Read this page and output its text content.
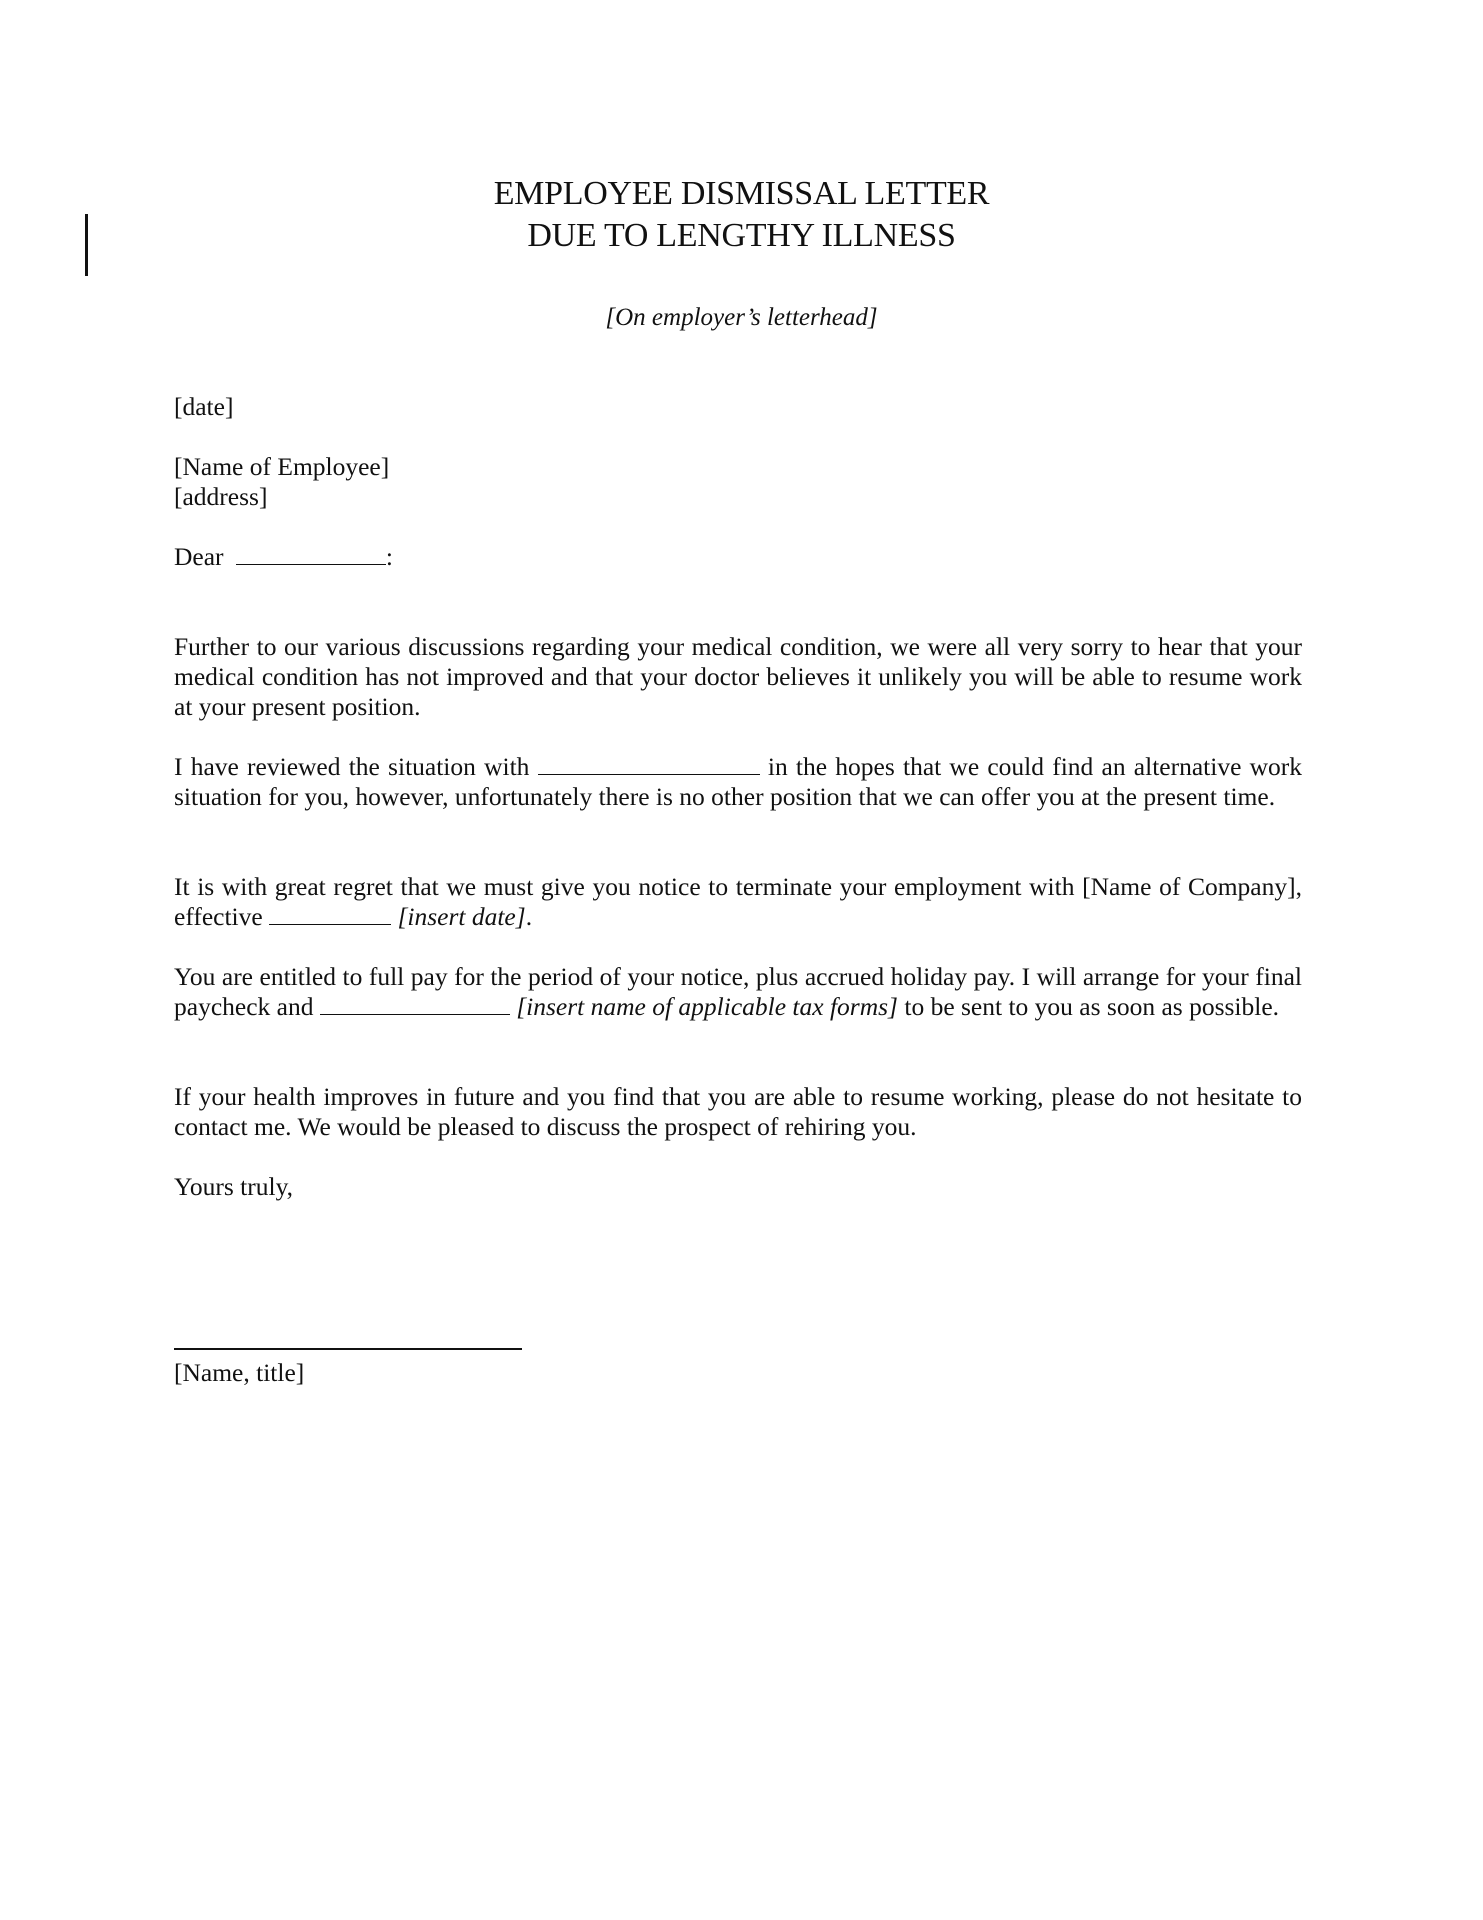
EMPLOYEE DISMISSAL LETTER
DUE TO LENGTHY ILLNESS
[On employer’s letterhead]
[date]
[Name of Employee]
[address]
Dear	:
Further to our various discussions regarding your medical condition, we were all very sorry to hear that your medical condition has not improved and that your doctor believes it unlikely you will be able to resume work at your present position.
I have reviewed the situation with	in the hopes that we could find an alternative work situation for you, however, unfortunately there is no other position that we can offer you at the present time.
It is with great regret that we must give you notice to terminate your employment with [Name of Company], effective	[insert date].
You are entitled to full pay for the period of your notice, plus accrued holiday pay. I will arrange for your final paycheck and	[insert name of applicable tax forms] to be sent to you as soon as possible.
If your health improves in future and you find that you are able to resume working, please do not hesitate to contact me. We would be pleased to discuss the prospect of rehiring you.
Yours truly,
[Name, title]
